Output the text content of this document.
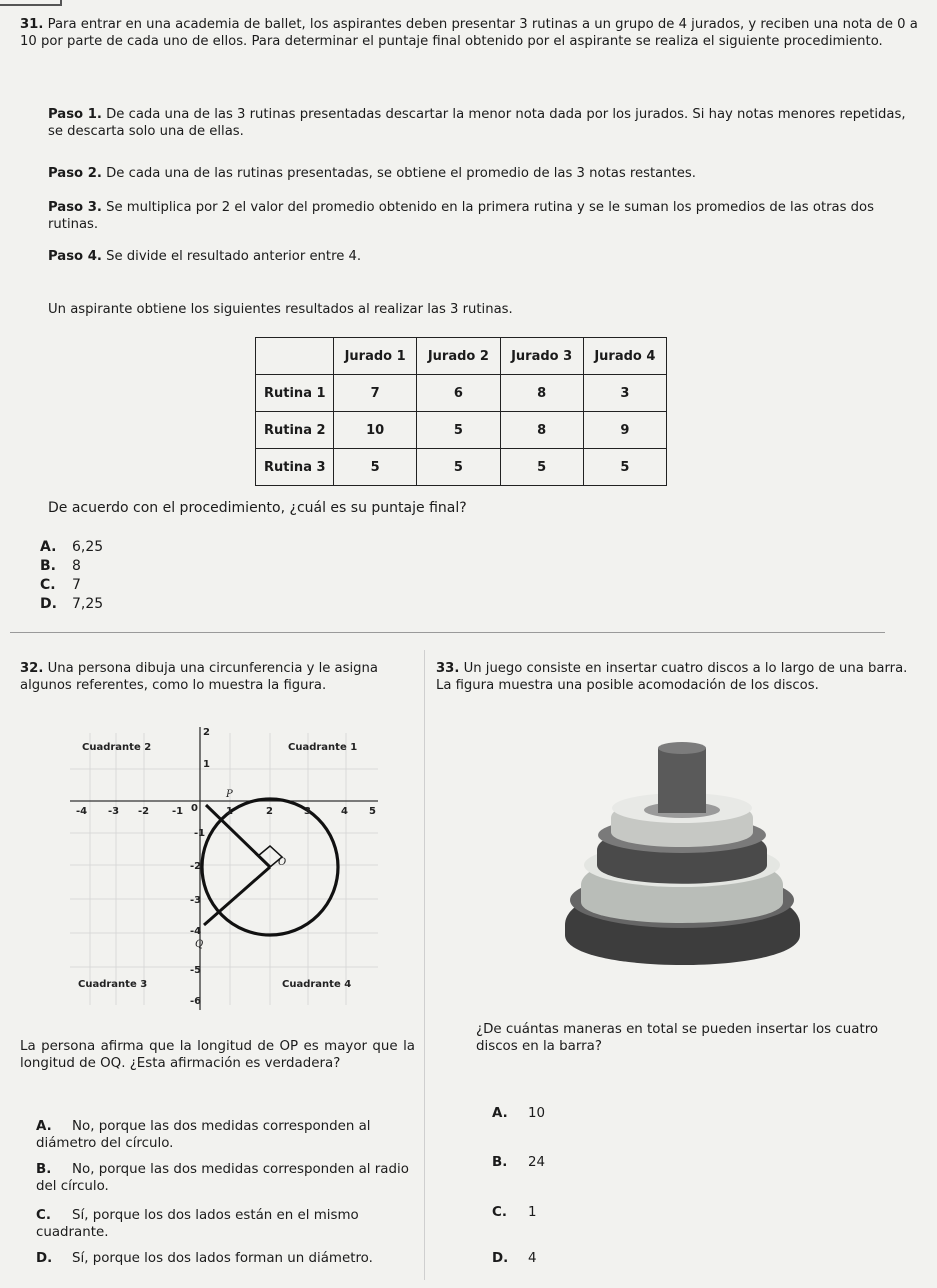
31. Para entrar en una academia de ballet, los aspirantes deben presentar 3 rutinas a un grupo de 4 jurados, y reciben una nota de 0 a 10 por parte de cada uno de ellos. Para determinar el puntaje final obtenido por el aspirante se realiza el siguiente procedimiento.
Paso 1. De cada una de las 3 rutinas presentadas descartar la menor nota dada por los jurados. Si hay notas menores repetidas, se descarta solo una de ellas.
Paso 2. De cada una de las rutinas presentadas, se obtiene el promedio de las 3 notas restantes.
Paso 3. Se multiplica por 2 el valor del promedio obtenido en la primera rutina y se le suman los promedios de las otras dos rutinas.
Paso 4. Se divide el resultado anterior entre 4.
Un aspirante obtiene los siguientes resultados al realizar las 3 rutinas.
	Jurado 1	Jurado 2	Jurado 3	Jurado 4
Rutina 1	7	6	8	3
Rutina 2	10	5	8	9
Rutina 3	5	5	5	5
De acuerdo con el procedimiento, ¿cuál es su puntaje final?
A. 6,25
B. 8
C. 7
D. 7,25
32. Una persona dibuja una circunferencia y le asigna algunos referentes, como lo muestra la figura.
-4 -3 -2 -1 0	1	2	3	4 5
2
1
-1
-2
-3
-4
-5
-6
Cuadrante 2	Cuadrante 1
Cuadrante 3	Cuadrante 4
P
O
Q
La persona afirma que la longitud de OP es mayor que la longitud de OQ. ¿Esta afirmación es verdadera?
A. No, porque las dos medidas corresponden al diámetro del círculo.
B. No, porque las dos medidas corresponden al radio del círculo.
C. Sí, porque los dos lados están en el mismo cuadrante.
D. Sí, porque los dos lados forman un diámetro.
33. Un juego consiste en insertar cuatro discos a lo largo de una barra. La figura muestra una posible acomodación de los discos.
¿De cuántas maneras en total se pueden insertar los cuatro discos en la barra?
A. 10
B. 24
C. 1
D. 4
